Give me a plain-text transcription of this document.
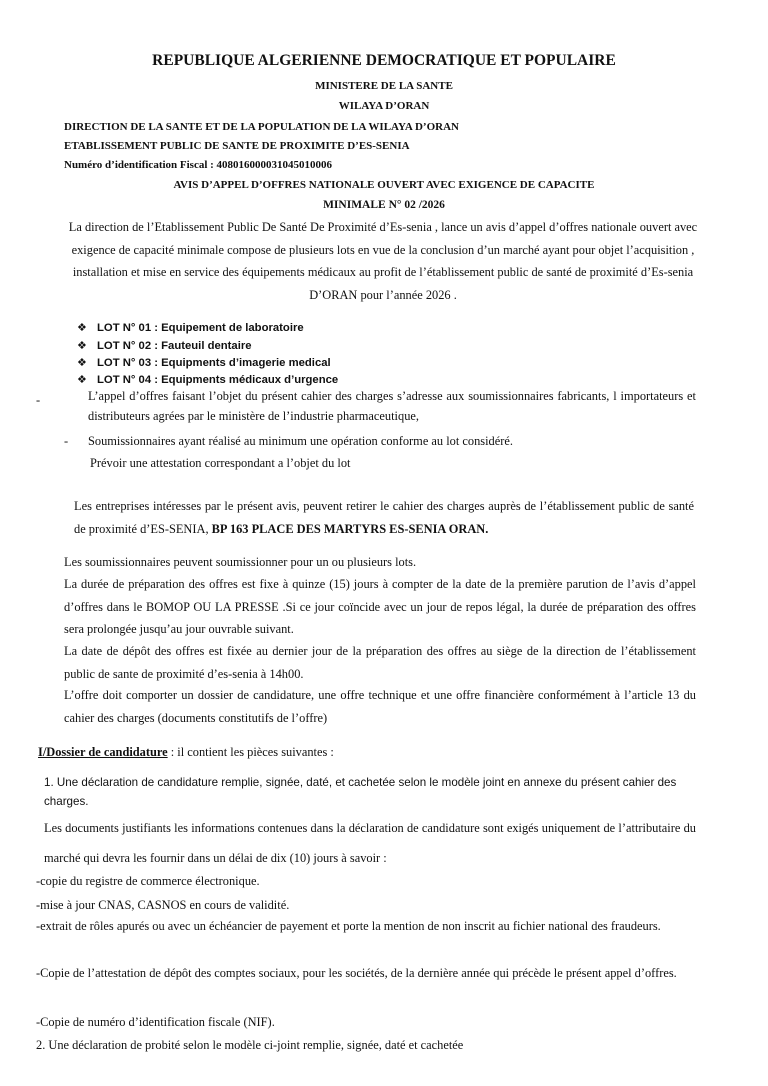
REPUBLIQUE ALGERIENNE DEMOCRATIQUE ET POPULAIRE
MINISTERE DE LA SANTE
WILAYA D’ORAN
DIRECTION DE LA SANTE ET DE LA POPULATION DE LA WILAYA D’ORAN
ETABLISSEMENT PUBLIC DE SANTE DE PROXIMITE D’ES-SENIA
Numéro d’identification Fiscal : 408016000031045010006
AVIS D’APPEL D’OFFRES NATIONALE OUVERT AVEC EXIGENCE DE CAPACITE
MINIMALE N° 02 /2026
La direction de l’Etablissement Public De Santé De Proximité d’Es-senia , lance un avis d’appel d’offres nationale ouvert avec exigence de capacité minimale compose de plusieurs lots en vue de la conclusion d’un marché ayant pour objet l’acquisition , installation et mise en service des équipements médicaux au profit de l’établissement public de santé de proximité d’Es-senia D’ORAN pour l’année 2026 .
❖ LOT N° 01 : Equipement de laboratoire
❖ LOT N° 02 : Fauteuil dentaire
❖ LOT N° 03 : Equipments d’imagerie medical
❖ LOT N° 04 : Equipments médicaux d’urgence
-	L’appel d’offres faisant l’objet du présent cahier des charges s’adresse aux soumissionnaires fabricants, l importateurs et distributeurs agrées par le ministère de l’industrie pharmaceutique,
- Soumissionnaires ayant réalisé au minimum une opération conforme au lot considéré.
Prévoir une attestation correspondant a l’objet du lot
Les entreprises intéresses par le présent avis, peuvent retirer le cahier des charges auprès de l’établissement public de santé de proximité d’ES-SENIA, BP 163 PLACE DES MARTYRS ES-SENIA ORAN.
Les soumissionnaires peuvent soumissionner pour un ou plusieurs lots.
La durée de préparation des offres est fixe à quinze (15) jours à compter de la date de la première parution de l’avis d’appel d’offres dans le BOMOP OU LA PRESSE .Si ce jour coïncide avec un jour de repos légal, la durée de préparation des offres sera prolongée jusqu’au jour ouvrable suivant.
La date de dépôt des offres est fixée au dernier jour de la préparation des offres au siège de la direction de l’établissement public de sante de proximité d’es-senia à 14h00.
L’offre doit comporter un dossier de candidature, une offre technique et une offre financière conformément à l’article 13 du cahier des charges (documents constitutifs de l’offre)
I/Dossier de candidature : il contient les pièces suivantes :
1. Une déclaration de candidature remplie, signée, daté, et cachetée selon le modèle joint en annexe du présent cahier des charges.
Les documents justifiants les informations contenues dans la déclaration de candidature sont exigés uniquement de l’attributaire du marché qui devra les fournir dans un délai de dix (10) jours à savoir :
-copie du registre de commerce électronique.
-mise à jour CNAS, CASNOS en cours de validité.
-extrait de rôles apurés ou avec un échéancier de payement et porte la mention de non inscrit au fichier national des fraudeurs.
-Copie de l’attestation de dépôt des comptes sociaux, pour les sociétés, de la dernière année qui précède le présent appel d’offres.
-Copie de numéro d’identification fiscale (NIF).
2. Une déclaration de probité selon le modèle ci-joint remplie, signée, daté et cachetée
